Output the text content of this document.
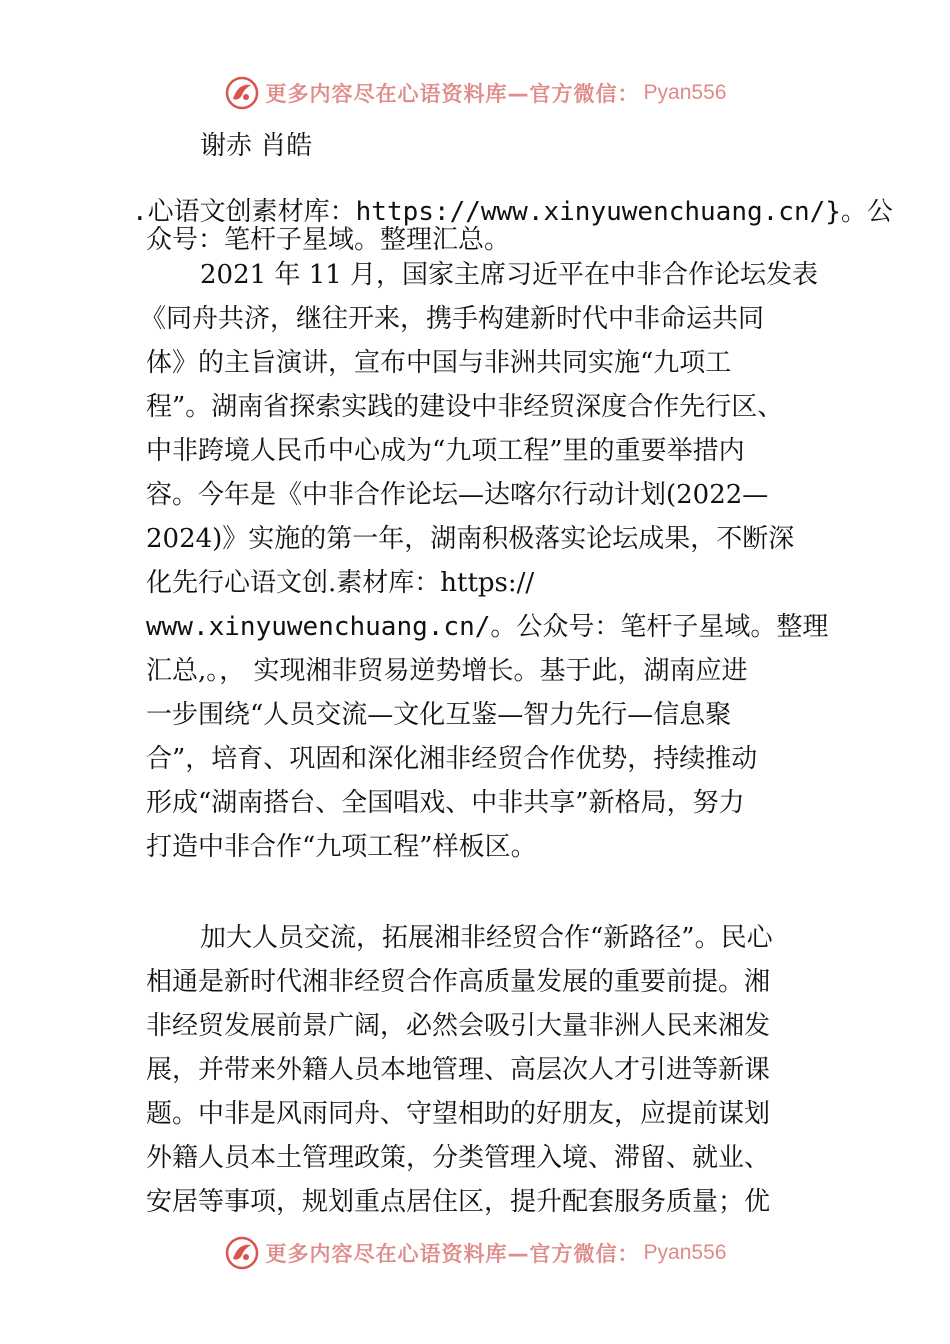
更多内容尽在心语资料库—官方微信： Pyan556
谢赤 肖皓
.心语文创素材库：https://www.xinyuwenchuang.cn/}。公
众号：笔杆子星域。整理汇总。
2021 年 11 月，国家主席习近平在中非合作论坛发表
《同舟共济，继往开来，携手构建新时代中非命运共同
体》的主旨演讲，宣布中国与非洲共同实施“九项工
程”。湖南省探索实践的建设中非经贸深度合作先行区、
中非跨境人民币中心成为“九项工程”里的重要举措内
容。今年是《中非合作论坛—达喀尔行动计划(2022—
2024)》实施的第一年，湖南积极落实论坛成果，不断深
化先行心语文创.素材库：https://
www.xinyuwenchuang.cn/。公众号：笔杆子星域。整理
汇总,。， 实现湘非贸易逆势增长。基于此，湖南应进
一步围绕“人员交流—文化互鉴—智力先行—信息聚
合”，培育、巩固和深化湘非经贸合作优势，持续推动
形成“湖南搭台、全国唱戏、中非共享”新格局，努力
打造中非合作“九项工程”样板区。
加大人员交流，拓展湘非经贸合作“新路径”。民心
相通是新时代湘非经贸合作高质量发展的重要前提。湘
非经贸发展前景广阔，必然会吸引大量非洲人民来湘发
展，并带来外籍人员本地管理、高层次人才引进等新课
题。中非是风雨同舟、守望相助的好朋友，应提前谋划
外籍人员本土管理政策，分类管理入境、滞留、就业、
安居等事项，规划重点居住区，提升配套服务质量；优
更多内容尽在心语资料库—官方微信： Pyan556
